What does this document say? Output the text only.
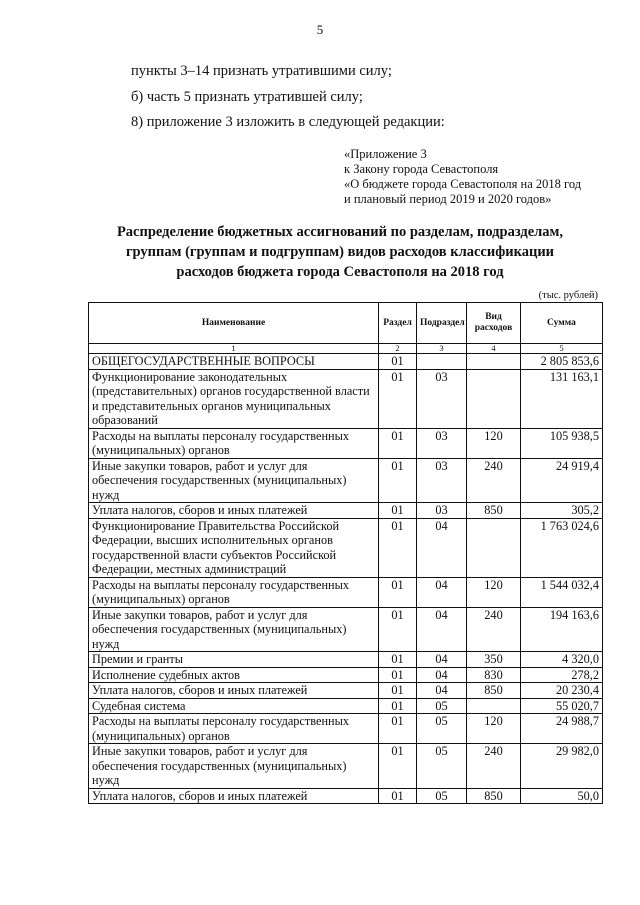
5
пункты 3–14 признать утратившими силу;
б) часть 5 признать утратившей силу;
8) приложение 3 изложить в следующей редакции:
«Приложение 3
к Закону города Севастополя
«О бюджете города Севастополя на 2018 год
и плановый период 2019 и 2020 годов»
Распределение бюджетных ассигнований по разделам, подразделам,
группам (группам и подгруппам) видов расходов классификации
расходов бюджета города Севастополя на 2018 год
(тыс. рублей)
Наименование	Раздел	Подраздел	Вид расходов	Сумма
1	2	3	4	5
ОБЩЕГОСУДАРСТВЕННЫЕ ВОПРОСЫ	01			2 805 853,6
Функционирование законодательных (представительных) органов государственной власти и представительных органов муниципальных образований	01	03		131 163,1
Расходы на выплаты персоналу государственных (муниципальных) органов	01	03	120	105 938,5
Иные закупки товаров, работ и услуг для обеспечения государственных (муниципальных) нужд	01	03	240	24 919,4
Уплата налогов, сборов и иных платежей	01	03	850	305,2
Функционирование Правительства Российской Федерации, высших исполнительных органов государственной власти субъектов Российской Федерации, местных администраций	01	04		1 763 024,6
Расходы на выплаты персоналу государственных (муниципальных) органов	01	04	120	1 544 032,4
Иные закупки товаров, работ и услуг для обеспечения государственных (муниципальных) нужд	01	04	240	194 163,6
Премии и гранты	01	04	350	4 320,0
Исполнение судебных актов	01	04	830	278,2
Уплата налогов, сборов и иных платежей	01	04	850	20 230,4
Судебная система	01	05		55 020,7
Расходы на выплаты персоналу государственных (муниципальных) органов	01	05	120	24 988,7
Иные закупки товаров, работ и услуг для обеспечения государственных (муниципальных) нужд	01	05	240	29 982,0
Уплата налогов, сборов и иных платежей	01	05	850	50,0
